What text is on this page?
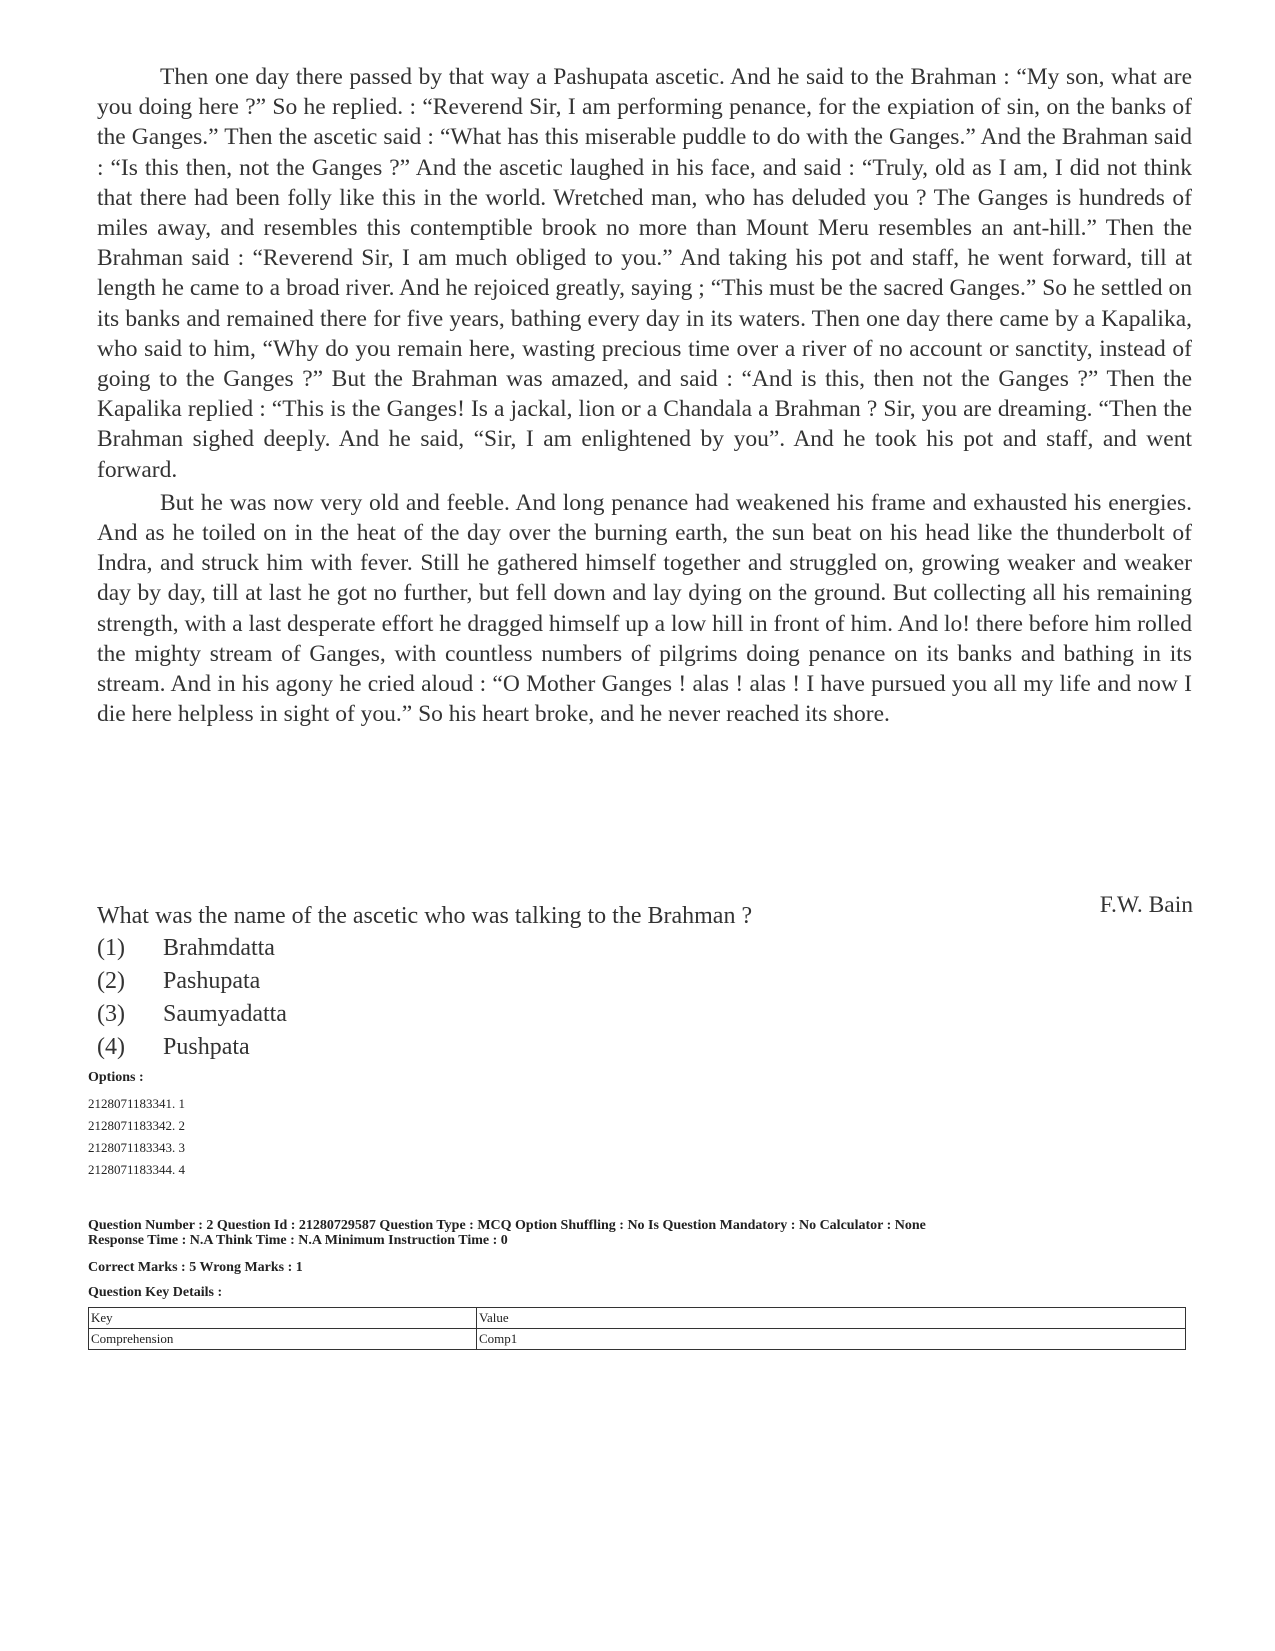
Then one day there passed by that way a Pashupata ascetic. And he said to the Brahman : “My son, what are you doing here ?” So he replied. : “Reverend Sir, I am performing penance, for the expiation of sin, on the banks of the Ganges.” Then the ascetic said : “What has this miserable puddle to do with the Ganges.” And the Brahman said : “Is this then, not the Ganges ?” And the ascetic laughed in his face, and said : “Truly, old as I am, I did not think that there had been folly like this in the world. Wretched man, who has deluded you ? The Ganges is hundreds of miles away, and resembles this contemptible brook no more than Mount Meru resembles an ant-hill.” Then the Brahman said : “Reverend Sir, I am much obliged to you.” And taking his pot and staff, he went forward, till at length he came to a broad river. And he rejoiced greatly, saying ; “This must be the sacred Ganges.” So he settled on its banks and remained there for five years, bathing every day in its waters. Then one day there came by a Kapalika, who said to him, “Why do you remain here, wasting precious time over a river of no account or sanctity, instead of going to the Ganges ?” But the Brahman was amazed, and said : “And is this, then not the Ganges ?” Then the Kapalika replied : “This is the Ganges! Is a jackal, lion or a Chandala a Brahman ? Sir, you are dreaming. “Then the Brahman sighed deeply. And he said, “Sir, I am enlightened by you”. And he took his pot and staff, and went forward.

But he was now very old and feeble. And long penance had weakened his frame and exhausted his energies. And as he toiled on in the heat of the day over the burning earth, the sun beat on his head like the thunderbolt of Indra, and struck him with fever. Still he gathered himself together and struggled on, growing weaker and weaker day by day, till at last he got no further, but fell down and lay dying on the ground. But collecting all his remaining strength, with a last desperate effort he dragged himself up a low hill in front of him. And lo! there before him rolled the mighty stream of Ganges, with countless numbers of pilgrims doing penance on its banks and bathing in its stream. And in his agony he cried aloud : “O Mother Ganges ! alas ! alas ! I have pursued you all my life and now I die here helpless in sight of you.” So his heart broke, and he never reached its shore.

F.W. Bain
What was the name of the ascetic who was talking to the Brahman ?
(1)	Brahmdatta
(2)	Pashupata
(3)	Saumyadatta
(4)	Pushpata
Options :
2128071183341. 1
2128071183342. 2
2128071183343. 3
2128071183344. 4
Question Number : 2 Question Id : 21280729587 Question Type : MCQ Option Shuffling : No Is Question Mandatory : No Calculator : None
Response Time : N.A Think Time : N.A Minimum Instruction Time : 0
Correct Marks : 5 Wrong Marks : 1
Question Key Details :
Key	Value
Comprehension	Comp1
